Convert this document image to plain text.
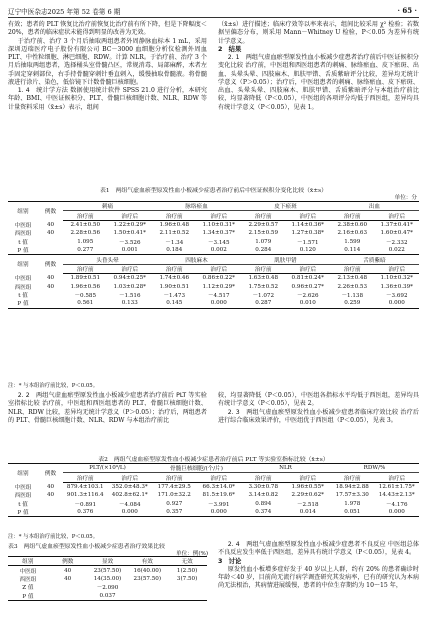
辽宁中医杂志2025 年第 52 卷第 6 期	· 65 ·

有效；患者的 PLT 恢复比治疗前恢复比治疗前有所下降，但是下降幅度＜20%，患者的临床症状未能得到明显的改善为无效。

于治疗前、治疗 3 个月后抽取两组患者外周静脉血标本 1 mL，采用深圳迈瑞医疗电子股份有限公司 BC－3000 血细胞分析仪检测外周血 PLT、中性粒细胞、淋巴细胞、RDW。计算 NLR。于治疗前、治疗 3 个月后抽取两组患者，选择桶头室骨髓凸区，常规消毒、局部麻醉，术者左手固定穿刺部位，右手持骨髓穿刺针垂直刺入，缓慢抽取骨髓液。将骨髓液进行涂片、染色，低倍镜下计数骨髓巨核细胞。

1. 4　统计学方法 数据使用统计软件 SPSS 21.0 进行分析，本研究年龄、BMI、中医证候积分、PLT、骨髓巨核细胞计数、NLR、RDW 等计量资料采用（x̄±s）表示，组间

（x̄±s）进行描述；临床疗效等以率来表示，组间比较采用 χ² 检验；若数据呈偏态分布，则采用 Mann－Whitney U 检验，P＜0.05 为差异有统计学意义。

2　结果

2. 1　两组气虚血瘀型原发性血小板减少症患者治疗前后中医证候积分变化比较 治疗前，中医组和西医组患者的刺痛、脉络瘀血、皮下瘀斑、出血、头晕头晕、四肢麻木、肌肤甲错、舌质紫暗评分比较，差异均无统计学意义（P＞0.05）；治疗后，中医组患者的刺痛、脉络瘀血、皮下瘀斑、出血、头晕头晕、四肢麻木、肌肤甲错、舌质紫暗评分与本组治疗前比较，均显著降低（P＜0.05），中医组的各项评分均低于西医组，差异均具有统计学意义（P＜0.05），见表 1。

表1　两组气虚血瘀型原发性血小板减少症患者治疗前后中医证候积分变化比较（x̄±s）
单位：分
组别	例数	刺痛		脉络瘀血		皮下瘀斑		出血	
		治疗前	治疗后	治疗前	治疗后	治疗前	治疗后	治疗前	治疗后
中医组	40	2.41±0.50	1.22±0.29*	1.96±0.48	1.10±0.31*	2.29±0.57	1.14±0.36*	2.38±0.60	1.37±0.41*
西医组	40	2.28±0.56	1.50±0.41*	2.11±0.52	1.34±0.37*	2.15±0.59	1.27±0.38*	2.16±0.63	1.60±0.47*
t 值		1.095	－3.526	－1.34	－3.145	1.079	－1.571	1.599	－2.332
P 值		0.277	0.001	0.184	0.002	0.284	0.120	0.114	0.022
组别	例数	头昏头晕		四肢麻木		肌肤甲错		舌质紫暗	
		治疗前	治疗后	治疗前	治疗后	治疗前	治疗后	治疗前	治疗后
中医组	40	1.89±0.51	0.94±0.25*	1.74±0.46	0.86±0.22*	1.63±0.48	0.81±0.24*	2.13±0.48	1.10±0.32*
西医组	40	1.96±0.56	1.03±0.28*	1.90±0.51	1.12±0.29*	1.75±0.52	0.96±0.27*	2.26±0.53	1.36±0.39*
t 值		－0.585	－1.516	－1.473	－4.517	－1.072	－2.626	－1.138	－3.692
P 值		0.561	0.133	0.145	0.000	0.287	0.010	0.259	0.000
注：* 与本组治疗前比较，P＜0.05。

2. 2　两组气虚血瘀型原发性血小板减少症患者治疗前后 PLT 等实验室指标比较 治疗前，中医组和西医组患者的 PLT、骨髓巨核细胞计数、NLR、RDW 比较，差异均无统计学意义（P＞0.05）；治疗后，两组患者的 PLT、骨髓巨核细胞计数、NLR、RDW 与本组治疗前比

较，均显著降低（P＜0.05），中医组各指标水平均低于西医组，差异均具有统计学意义（P＜0.05），见表 2。

2. 3　两组气虚血瘀型原发性血小板减少症患者临床疗效比较 治疗后进行综合临床效果评价，中医组优于西医组（P＜0.05），见表 3。

表2　两组气虚血瘀型原发性血小板减少症患者治疗前后 PLT 等实验室指标比较（x̄±s）
组别	例数	PLT/(×10⁹/L)		骨髓巨核细胞/(个/片)		NLR		RDW/%	
		治疗前	治疗后	治疗前	治疗后	治疗前	治疗后	治疗前	治疗后
中医组	40	879.4±103.1	352.0±48.3*	177.4±29.5	66.3±14.0*	3.30±0.78	1.96±0.55*	18.94±2.88	12.61±1.75*
西医组	40	901.3±116.4	402.8±62.1*	171.0±32.2	81.5±19.6*	3.14±0.82	2.29±0.62*	17.57±3.30	14.43±2.13*
t 值		－0.891	－4.084	0.927	－3.991	0.894	－2.518	1.978	－4.176
P 值		0.376	0.000	0.357	0.000	0.374	0.014	0.051	0.000
注：* 与本组治疗前比较，P＜0.05。
表3　两组气虚血瘀型原发性血小板减少症患者治疗效果比较
单位：例(%)
组别	例数	显效	有效	无效
中医组	40	23(57.50)	16(40.00)	1(2.50)
西医组	40	14(35.00)	23(57.50)	3(7.50)
Z 值		－2.090		
P 值		0.037		

2. 4　两组气虚血瘀型原发性血小板减少症患者不良反应 中医组总体不良反应发生率低于西医组，差异具有统计学意义（P＜0.05），见表 4。

3　讨论

原发性血小板增多症好发于 40 岁以上人群，约有 20% 的患者确诊时年龄＜40 岁，目前尚无流行病学调查研究其发病率，已有的研究认为本病尚无法根治，其病情进展缓慢，患者的中位生存期约为 10～15 年，
